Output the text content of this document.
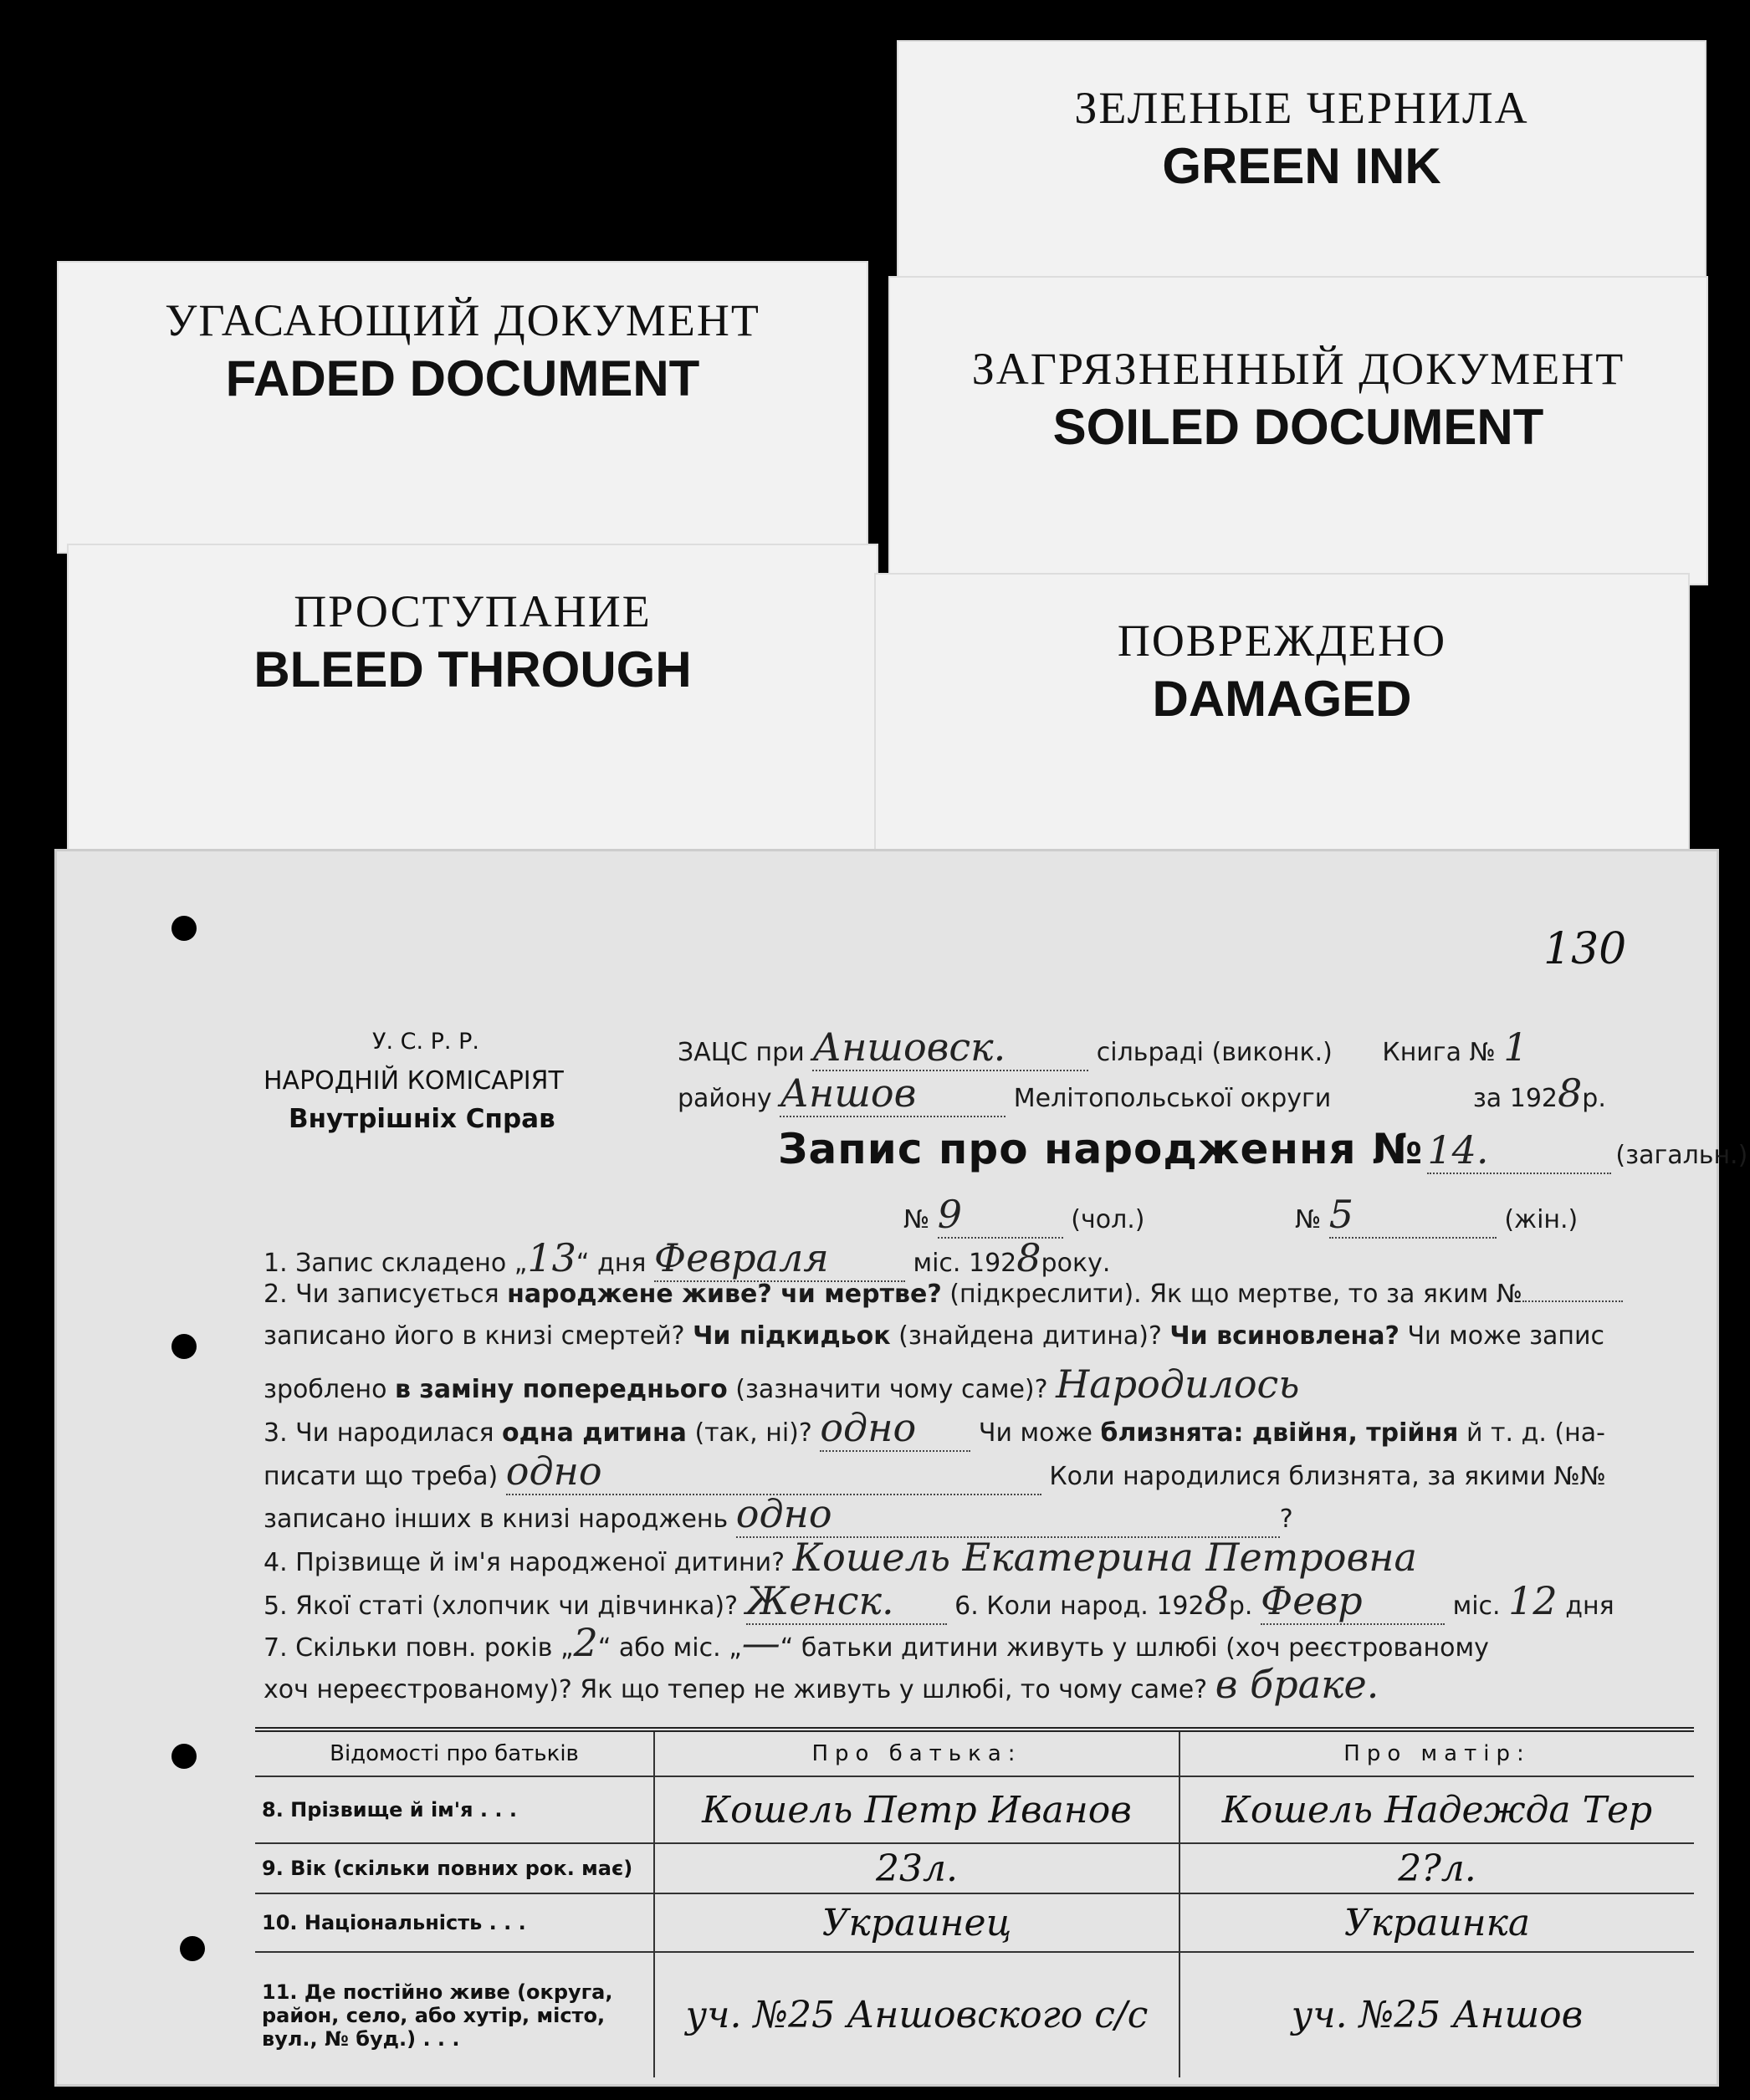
ЗЕЛЕНЫЕ ЧЕРНИЛА
GREEN INK
УГАСАЮЩИЙ ДОКУМЕНТ
FADED DOCUMENT	ЗАГРЯЗНЕННЫЙ ДОКУМЕНТ
SOILED DOCUMENT
ПРОСТУПАНИЕ
BLEED THROUGH
ПОВРЕЖДЕНО
DAMAGED
130
У. С. Р. Р.
НАРОДНІЙ КОМІСАРІЯТ
Внутрішніх Справ
ЗАЦС при Аншовск.	сільраді (виконк.) Книга № 1
району Аншов	Мелітопольської округи	за 1928р.
Запис про народження № 14.	(загальн.)
№ 9	(чол.)	№ 5	(жін.)
1. Запис складено „13“ дня Февраля	міс. 1928року.
2. Чи записується народжене живе? чи мертве? (підкреслити). Як що мертве, то за яким №
записано його в книзі смертей? Чи підкидьок (знайдена дитина)? Чи всиновлена? Чи може запис
зроблено в заміну попереднього (зазначити чому саме)? Народилось
3. Чи народилася одна дитина (так, ні)? одно Чи може близнята: двійня, трійня й т. д. (на-
писати що треба) одно	Коли народилися близнята, за якими №№
записано інших в книзі народжень одно	?
4. Прізвище й ім'я народженої дитини? Кошель Екатерина Петровна
5. Якої статі (хлопчик чи дівчинка)? Женск. 6. Коли народ. 1928р. Февр	міс. 12 дня
7. Скільки повн. років „2“ або міс. „—“ батьки дитини живуть у шлюбі (хоч реєстрованому
хоч нереєстрованому)? Як що тепер не живуть у шлюбі, то чому саме? в браке.
Відомості про батьків	Про батька:	Про матір:
8. Прізвище й ім'я . . .	Кошель Петр Иванов	Кошель Надежда Тер
9. Вік (скільки повних рок. має)	23л.	2?л.
10. Національність . . .	Украинец	Украинка
11. Де постійно живе (округа, район, село, або хутір, місто, вул., № буд.) . . .	уч. №25 Аншовского с/с	уч. №25 Аншов
